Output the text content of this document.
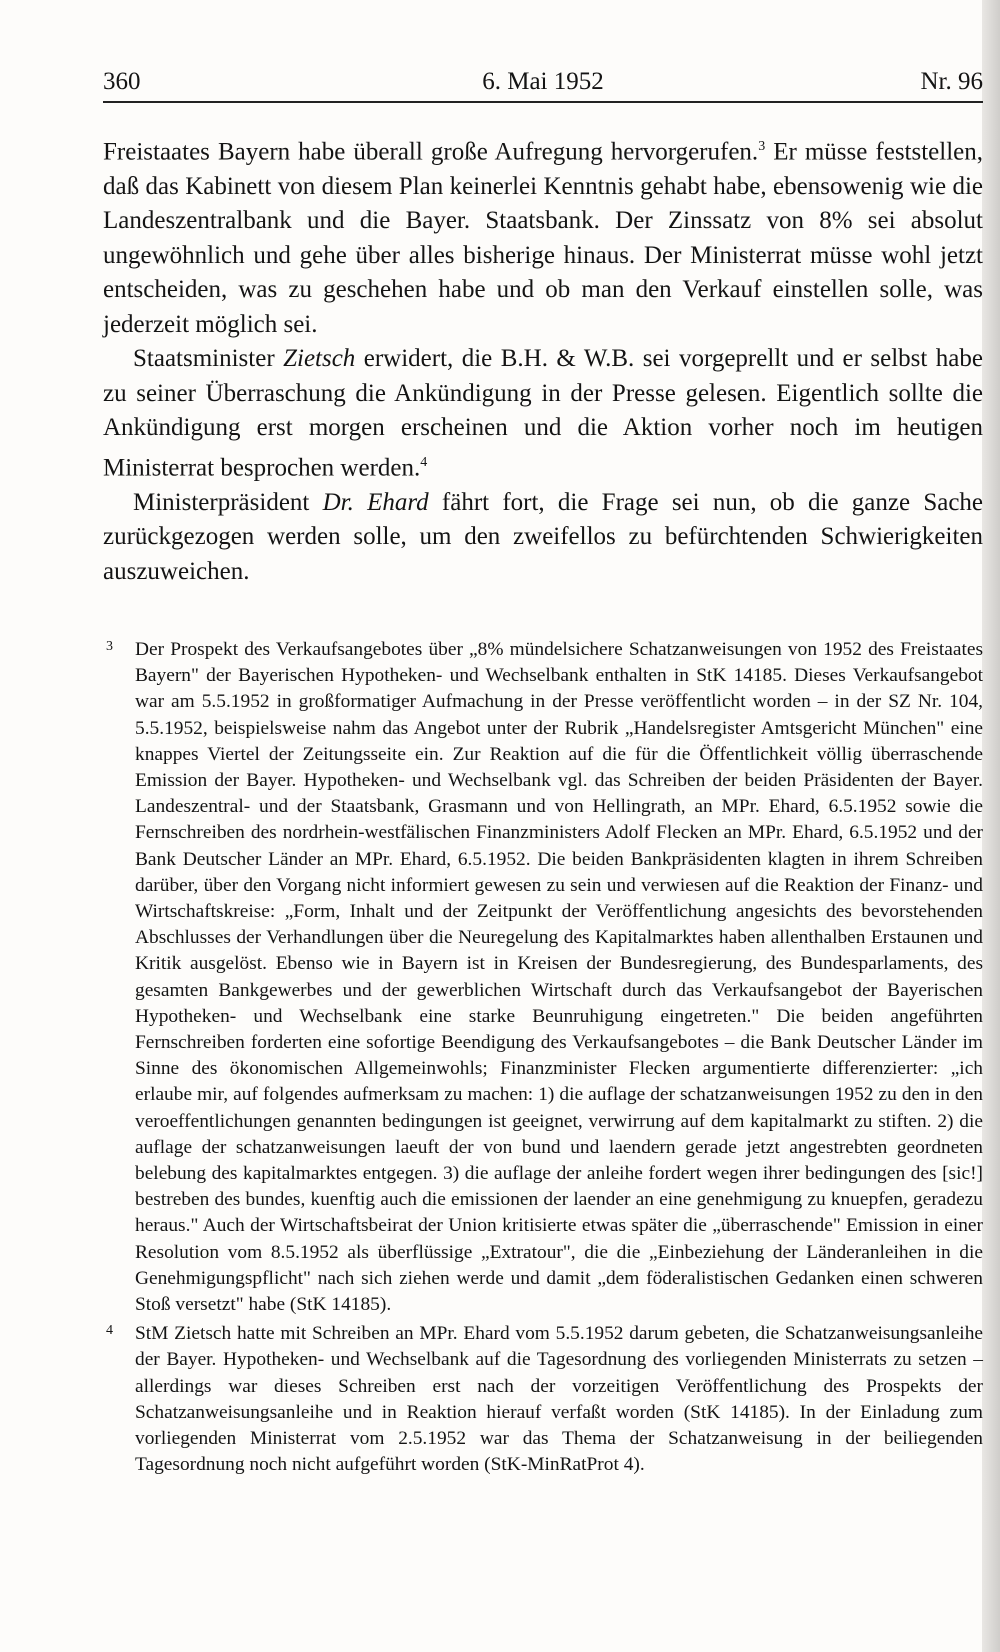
360	6. Mai 1952	Nr. 96

Freistaates Bayern habe überall große Aufregung hervorgerufen.$^3$ Er müsse feststellen, daß das Kabinett von diesem Plan keinerlei Kenntnis gehabt habe, ebensowenig wie die Landeszentralbank und die Bayer. Staatsbank. Der Zinssatz von 8% sei absolut ungewöhnlich und gehe über alles bisherige hinaus. Der Ministerrat müsse wohl jetzt entscheiden, was zu geschehen habe und ob man den Verkauf einstellen solle, was jederzeit möglich sei.

Staatsminister Zietsch erwidert, die B.H. & W.B. sei vorgeprellt und er selbst habe zu seiner Überraschung die Ankündigung in der Presse gelesen. Eigentlich sollte die Ankündigung erst morgen erscheinen und die Aktion vorher noch im heutigen Ministerrat besprochen werden.$^4$

Ministerpräsident Dr. Ehard fährt fort, die Frage sei nun, ob die ganze Sache zurückgezogen werden solle, um den zweifellos zu befürchtenden Schwierigkeiten auszuweichen.

3 Der Prospekt des Verkaufsangebotes über „8% mündelsichere Schatzanweisungen von 1952 des Freistaates Bayern" der Bayerischen Hypotheken- und Wechselbank enthalten in StK 14185. Dieses Verkaufsangebot war am 5.5.1952 in großformatiger Aufmachung in der Presse veröffentlicht worden – in der SZ Nr. 104, 5.5.1952, beispielsweise nahm das Angebot unter der Rubrik „Handelsregister Amtsgericht München" eine knappes Viertel der Zeitungsseite ein. Zur Reaktion auf die für die Öffentlichkeit völlig überraschende Emission der Bayer. Hypotheken- und Wechselbank vgl. das Schreiben der beiden Präsidenten der Bayer. Landeszentral- und der Staatsbank, Grasmann und von Hellingrath, an MPr. Ehard, 6.5.1952 sowie die Fernschreiben des nordrhein-westfälischen Finanzministers Adolf Flecken an MPr. Ehard, 6.5.1952 und der Bank Deutscher Länder an MPr. Ehard, 6.5.1952. Die beiden Bankpräsidenten klagten in ihrem Schreiben darüber, über den Vorgang nicht informiert gewesen zu sein und verwiesen auf die Reaktion der Finanz- und Wirtschaftskreise: „Form, Inhalt und der Zeitpunkt der Veröffentlichung angesichts des bevorstehenden Abschlusses der Verhandlungen über die Neuregelung des Kapitalmarktes haben allenthalben Erstaunen und Kritik ausgelöst. Ebenso wie in Bayern ist in Kreisen der Bundesregierung, des Bundesparlaments, des gesamten Bankgewerbes und der gewerblichen Wirtschaft durch das Verkaufsangebot der Bayerischen Hypotheken- und Wechselbank eine starke Beunruhigung eingetreten." Die beiden angeführten Fernschreiben forderten eine sofortige Beendigung des Verkaufsangebotes – die Bank Deutscher Länder im Sinne des ökonomischen Allgemeinwohls; Finanzminister Flecken argumentierte differenzierter: „ich erlaube mir, auf folgendes aufmerksam zu machen: 1) die auflage der schatzanweisungen 1952 zu den in den veroeffentlichungen genannten bedingungen ist geeignet, verwirrung auf dem kapitalmarkt zu stiften. 2) die auflage der schatzanweisungen laeuft der von bund und laendern gerade jetzt angestrebten geordneten belebung des kapitalmarktes entgegen. 3) die auflage der anleihe fordert wegen ihrer bedingungen des [sic!] bestreben des bundes, kuenftig auch die emissionen der laender an eine genehmigung zu knuepfen, geradezu heraus." Auch der Wirtschaftsbeirat der Union kritisierte etwas später die „überraschende" Emission in einer Resolution vom 8.5.1952 als überflüssige „Extratour", die die „Einbeziehung der Länderanleihen in die Genehmigungspflicht" nach sich ziehen werde und damit „dem föderalistischen Gedanken einen schweren Stoß versetzt" habe (StK 14185).

4 StM Zietsch hatte mit Schreiben an MPr. Ehard vom 5.5.1952 darum gebeten, die Schatzanweisungsanleihe der Bayer. Hypotheken- und Wechselbank auf die Tagesordnung des vorliegenden Ministerrats zu setzen – allerdings war dieses Schreiben erst nach der vorzeitigen Veröffentlichung des Prospekts der Schatzanweisungsanleihe und in Reaktion hierauf verfaßt worden (StK 14185). In der Einladung zum vorliegenden Ministerrat vom 2.5.1952 war das Thema der Schatzanweisung in der beiliegenden Tagesordnung noch nicht aufgeführt worden (StK-MinRatProt 4).
